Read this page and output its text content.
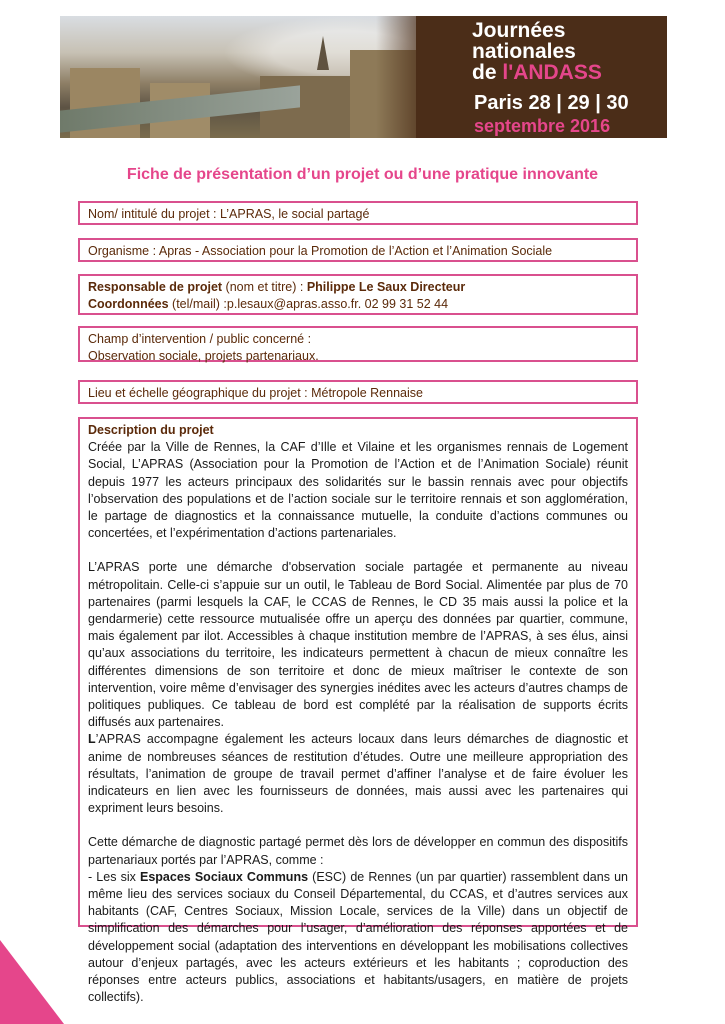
Journées
nationales
de l'ANDASS
Paris 28 | 29 | 30
septembre 2016
Fiche de présentation d’un projet ou d’une pratique innovante
Nom/ intitulé du projet : L’APRAS, le social partagé
Organisme : Apras - Association pour la Promotion de l’Action et l’Animation Sociale
Responsable de projet (nom et titre) : Philippe Le Saux Directeur
Coordonnées (tel/mail) :p.lesaux@apras.asso.fr. 02 99 31 52 44
Champ d’intervention / public concerné :
Observation sociale, projets partenariaux.
Lieu et échelle géographique du projet : Métropole Rennaise
Description du projet

Créée par la Ville de Rennes, la CAF d’Ille et Vilaine et les organismes rennais de Logement Social, L’APRAS (Association pour la Promotion de l’Action et de l’Animation Sociale) réunit depuis 1977 les acteurs principaux des solidarités sur le bassin rennais avec pour objectifs l’observation des populations et de l’action sociale sur le territoire rennais et son agglomération, le partage de diagnostics et la connaissance mutuelle, la conduite d’actions communes ou concertées, et l’expérimentation d’actions partenariales.

L’APRAS porte une démarche d'observation sociale partagée et permanente au niveau métropolitain. Celle-ci s’appuie sur un outil, le Tableau de Bord Social. Alimentée par plus de 70 partenaires (parmi lesquels la CAF, le CCAS de Rennes, le CD 35 mais aussi la police et la gendarmerie) cette ressource mutualisée offre un aperçu des données par quartier, commune, mais également par ilot. Accessibles à chaque institution membre de l’APRAS, à ses élus, ainsi qu’aux associations du territoire, les indicateurs permettent à chacun de mieux connaître les différentes dimensions de son territoire et donc de mieux maîtriser le contexte de son intervention, voire même d’envisager des synergies inédites avec les acteurs d’autres champs de politiques publiques. Ce tableau de bord est complété par la réalisation de supports écrits diffusés aux partenaires.

L’APRAS accompagne également les acteurs locaux dans leurs démarches de diagnostic et anime de nombreuses séances de restitution d’études. Outre une meilleure appropriation des résultats, l’animation de groupe de travail permet d’affiner l’analyse et de faire évoluer les indicateurs en lien avec les fournisseurs de données, mais aussi avec les partenaires qui expriment leurs besoins.

Cette démarche de diagnostic partagé permet dès lors de développer en commun des dispositifs partenariaux portés par l’APRAS, comme :

- Les six Espaces Sociaux Communs (ESC) de Rennes (un par quartier) rassemblent dans un même lieu des services sociaux du Conseil Départemental, du CCAS, et d’autres services aux habitants (CAF, Centres Sociaux, Mission Locale, services de la Ville) dans un objectif de simplification des démarches pour l’usager, d’amélioration des réponses apportées et de développement social (adaptation des interventions en développant les mobilisations collectives autour d’enjeux partagés, avec les acteurs extérieurs et les habitants ; coproduction des réponses entre acteurs publics, associations et habitants/usagers, en matière de projets collectifs).
